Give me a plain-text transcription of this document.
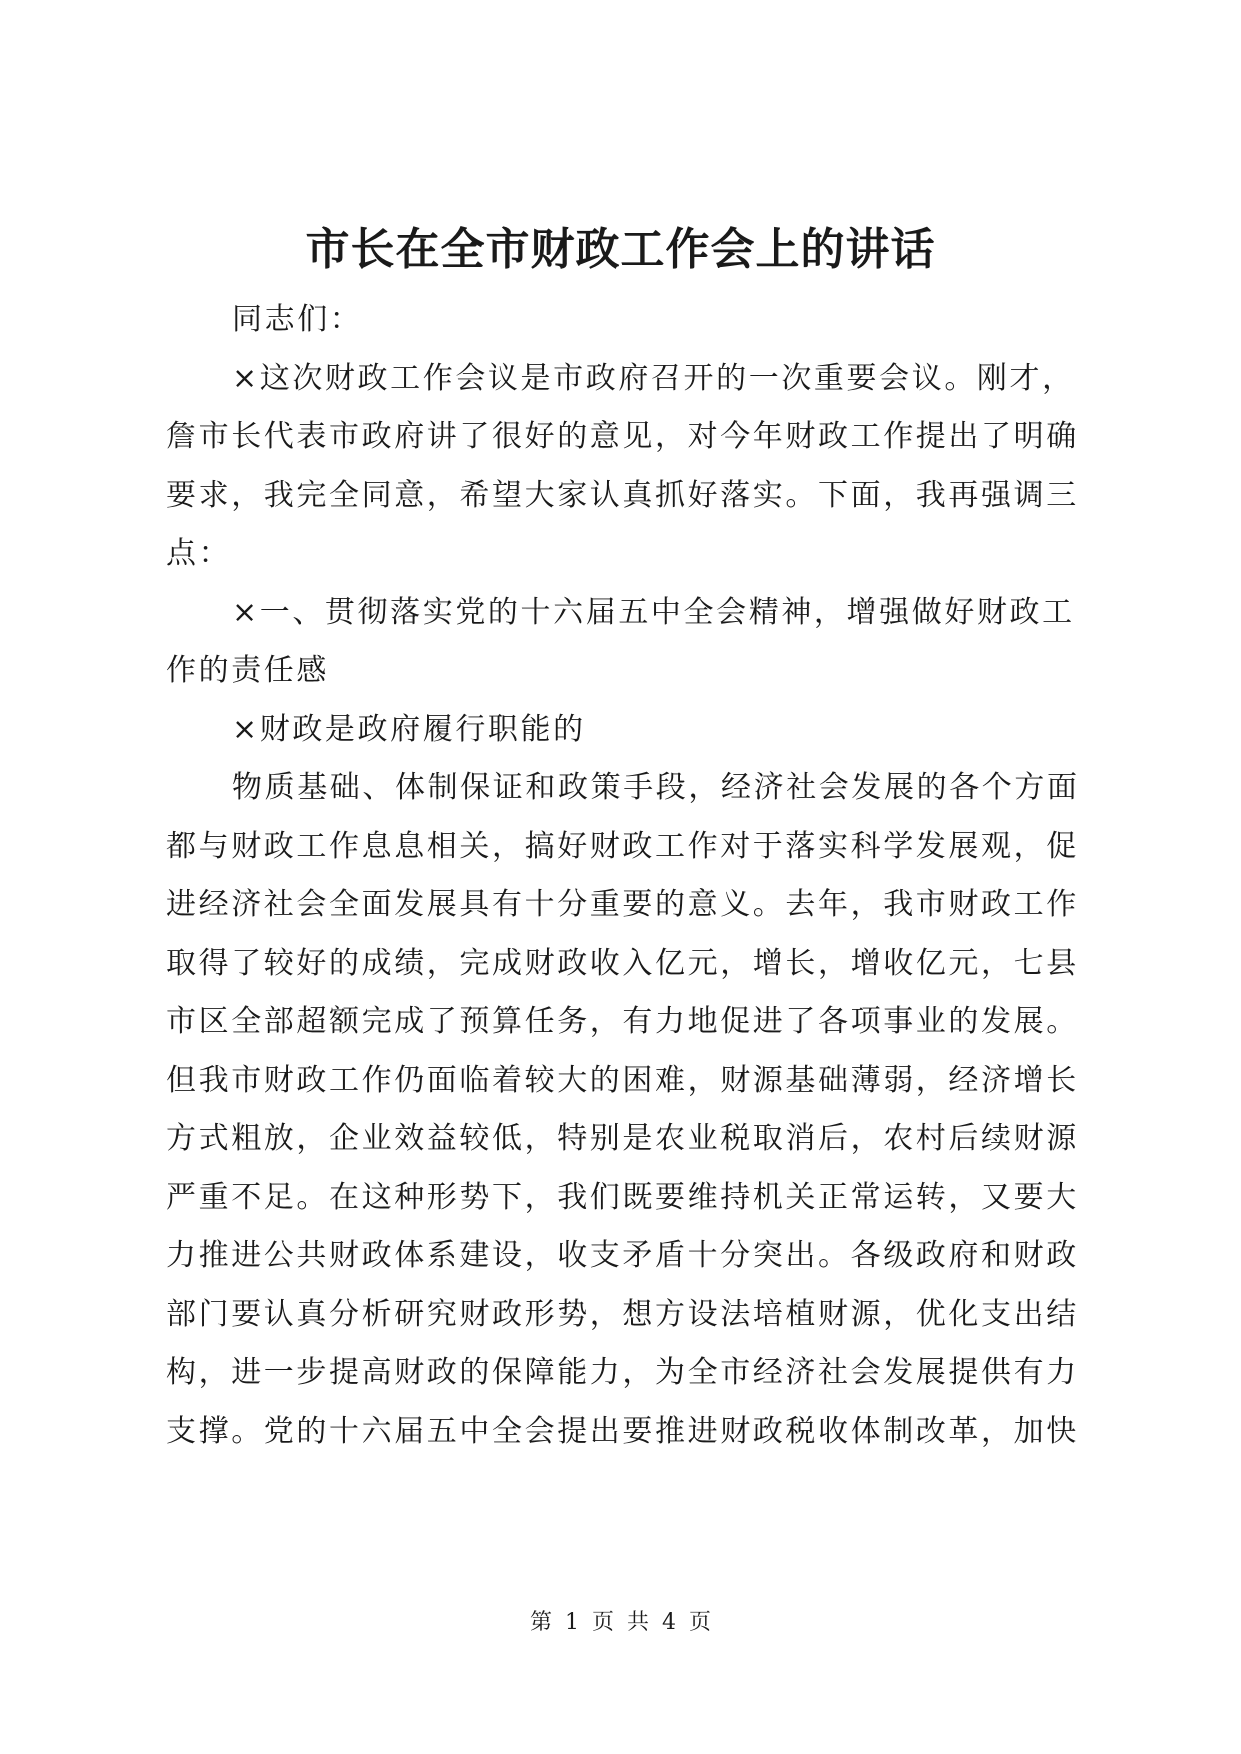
市长在全市财政工作会上的讲话
同志们：
×这次财政工作会议是市政府召开的一次重要会议。刚才，
詹市长代表市政府讲了很好的意见，对今年财政工作提出了明确
要求，我完全同意，希望大家认真抓好落实。下面，我再强调三
点：
×一、贯彻落实党的十六届五中全会精神，增强做好财政工
作的责任感
×财政是政府履行职能的
物质基础、体制保证和政策手段，经济社会发展的各个方面
都与财政工作息息相关，搞好财政工作对于落实科学发展观，促
进经济社会全面发展具有十分重要的意义。去年，我市财政工作
取得了较好的成绩，完成财政收入亿元，增长，增收亿元，七县
市区全部超额完成了预算任务，有力地促进了各项事业的发展。
但我市财政工作仍面临着较大的困难，财源基础薄弱，经济增长
方式粗放，企业效益较低，特别是农业税取消后，农村后续财源
严重不足。在这种形势下，我们既要维持机关正常运转，又要大
力推进公共财政体系建设，收支矛盾十分突出。各级政府和财政
部门要认真分析研究财政形势，想方设法培植财源，优化支出结
构，进一步提高财政的保障能力，为全市经济社会发展提供有力
支撑。党的十六届五中全会提出要推进财政税收体制改革，加快
第 1 页 共 4 页
